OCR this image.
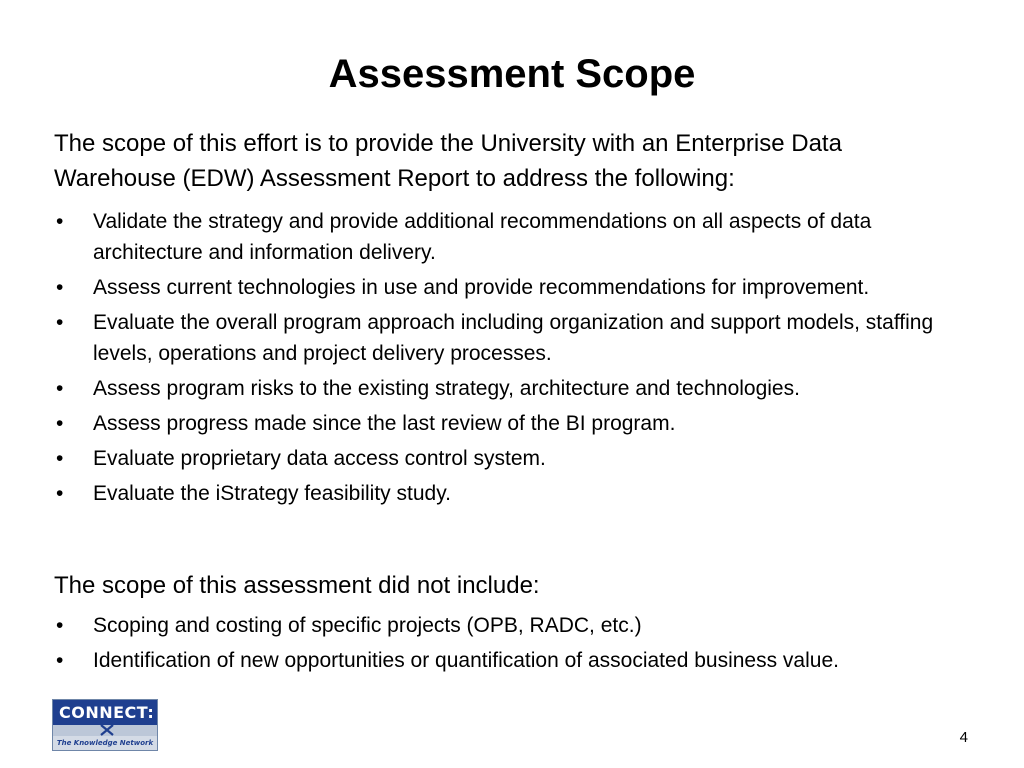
Assessment Scope

The scope of this effort is to provide the University with an Enterprise Data Warehouse (EDW) Assessment Report to address the following:

• Validate the strategy and provide additional recommendations on all aspects of data architecture and information delivery.
• Assess current technologies in use and provide recommendations for improvement.
• Evaluate the overall program approach including organization and support models, staffing levels, operations and project delivery processes.
• Assess program risks to the existing strategy, architecture and technologies.
• Assess progress made since the last review of the BI program.
• Evaluate proprietary data access control system.
• Evaluate the iStrategy feasibility study.

The scope of this assessment did not include:

• Scoping and costing of specific projects (OPB, RADC, etc.)
• Identification of new opportunities or quantification of associated business value.
CONNECT:
The Knowledge Network	4
